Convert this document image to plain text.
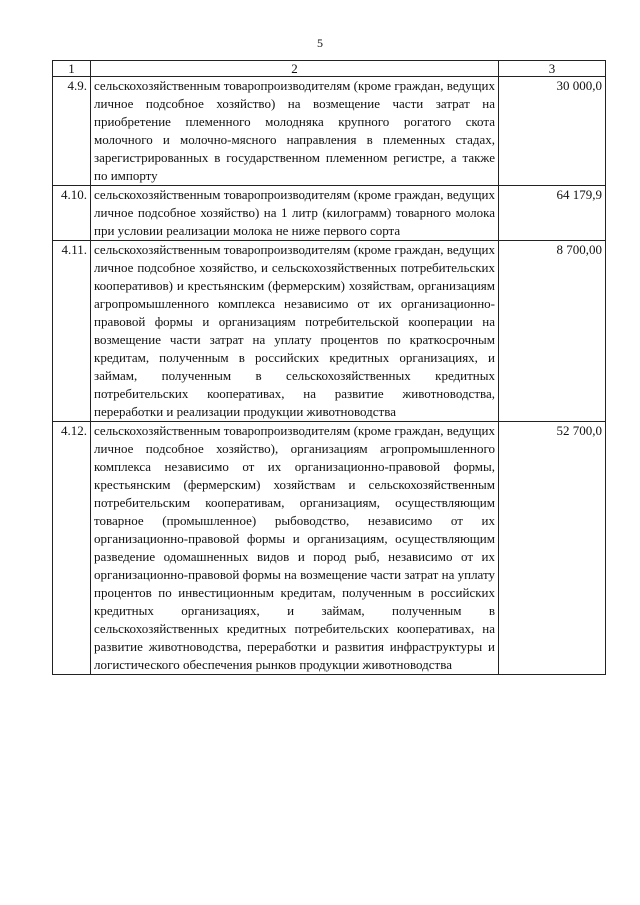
5
1	2	3
4.9.	сельскохозяйственным товаропроизводителям (кроме граждан, ведущих личное подсобное хозяйство) на возмещение части затрат на приобретение племенного молодняка крупного рогатого скота молочного и молочно-мясного направления в племенных стадах, зарегистрированных в государственном племенном регистре, а также по импорту	30 000,0
4.10.	сельскохозяйственным товаропроизводителям (кроме граждан, ведущих личное подсобное хозяйство) на 1 литр (килограмм) товарного молока при условии реализации молока не ниже первого сорта	64 179,9
4.11.	сельскохозяйственным товаропроизводителям (кроме граждан, ведущих личное подсобное хозяйство, и сельскохозяйственных потребительских кооперативов) и крестьянским (фермерским) хозяйствам, организациям агропромышленного комплекса независимо от их организационно-правовой формы и организациям потребительской кооперации на возмещение части затрат на уплату процентов по краткосрочным кредитам, полученным в российских кредитных организациях, и займам, полученным в сельскохозяйственных кредитных потребительских кооперативах, на развитие животноводства, переработки и реализации продукции животноводства	8 700,00
4.12.	сельскохозяйственным товаропроизводителям (кроме граждан, ведущих личное подсобное хозяйство), организациям агропромышленного комплекса независимо от их организационно-правовой формы, крестьянским (фермерским) хозяйствам и сельскохозяйственным потребительским кооперативам, организациям, осуществляющим товарное (промышленное) рыбоводство, независимо от их организационно-правовой формы и организациям, осуществляющим разведение одомашненных видов и пород рыб, независимо от их организационно-правовой формы на возмещение части затрат на уплату процентов по инвестиционным кредитам, полученным в российских кредитных организациях, и займам, полученным в сельскохозяйственных кредитных потребительских кооперативах, на развитие животноводства, переработки и развития инфраструктуры и логистического обеспечения рынков продукции животноводства	52 700,0
